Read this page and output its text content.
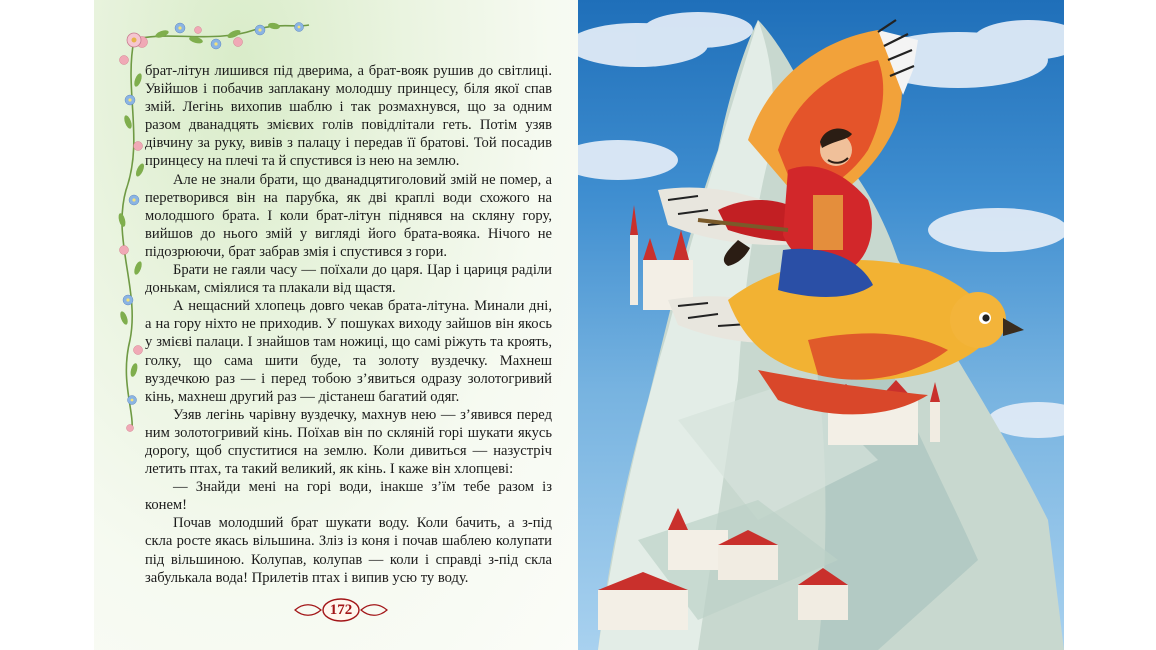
брат-літун лишився під дверима, а брат-вояк рушив до світлиці. Увійшов і побачив заплакану молодшу принцесу, біля якої спав змій. Легінь вихопив шаблю і так розмахнувся, що за одним разом дванадцять змієвих голів повідлітали геть. Потім узяв дівчину за руку, вивів з палацу і передав її братові. Той посадив принцесу на плечі та й спустився із нею на землю.

Але не знали брати, що дванадцятиголовий змій не помер, а перетворився він на парубка, як дві краплі води схожого на молодшого брата. І коли брат-літун піднявся на скляну гору, вийшов до нього змій у вигляді його брата-вояка. Нічого не підозрюючи, брат забрав змія і спустився з гори.

Брати не гаяли часу — поїхали до царя. Цар і цариця раділи донькам, сміялися та плакали від щастя.

А нещасний хлопець довго чекав брата-літуна. Минали дні, а на гору ніхто не приходив. У пошуках виходу зайшов він якось у змієві палаци. І знайшов там ножиці, що самі ріжуть та кроять, голку, що сама шити буде, та золоту вуздечку. Махнеш вуздечкою раз — і перед тобою з’явиться одразу золотогривий кінь, махнеш другий раз — дістанеш багатий одяг.

Узяв легінь чарівну вуздечку, махнув нею — з’явився перед ним золотогривий кінь. Поїхав він по скляній горі шукати якусь дорогу, щоб спуститися на землю. Коли дивиться — назустріч летить птах, та такий великий, як кінь. І каже він хлопцеві:

— Знайди мені на горі води, інакше з’їм тебе разом із конем!

Почав молодший брат шукати воду. Коли бачить, а з-під скла росте якась вільшина. Зліз із коня і почав шаблею колупати під вільшиною. Колупав, колупав — коли і справді з-під скла забулькала вода! Прилетів птах і випив усю ту воду.

172
